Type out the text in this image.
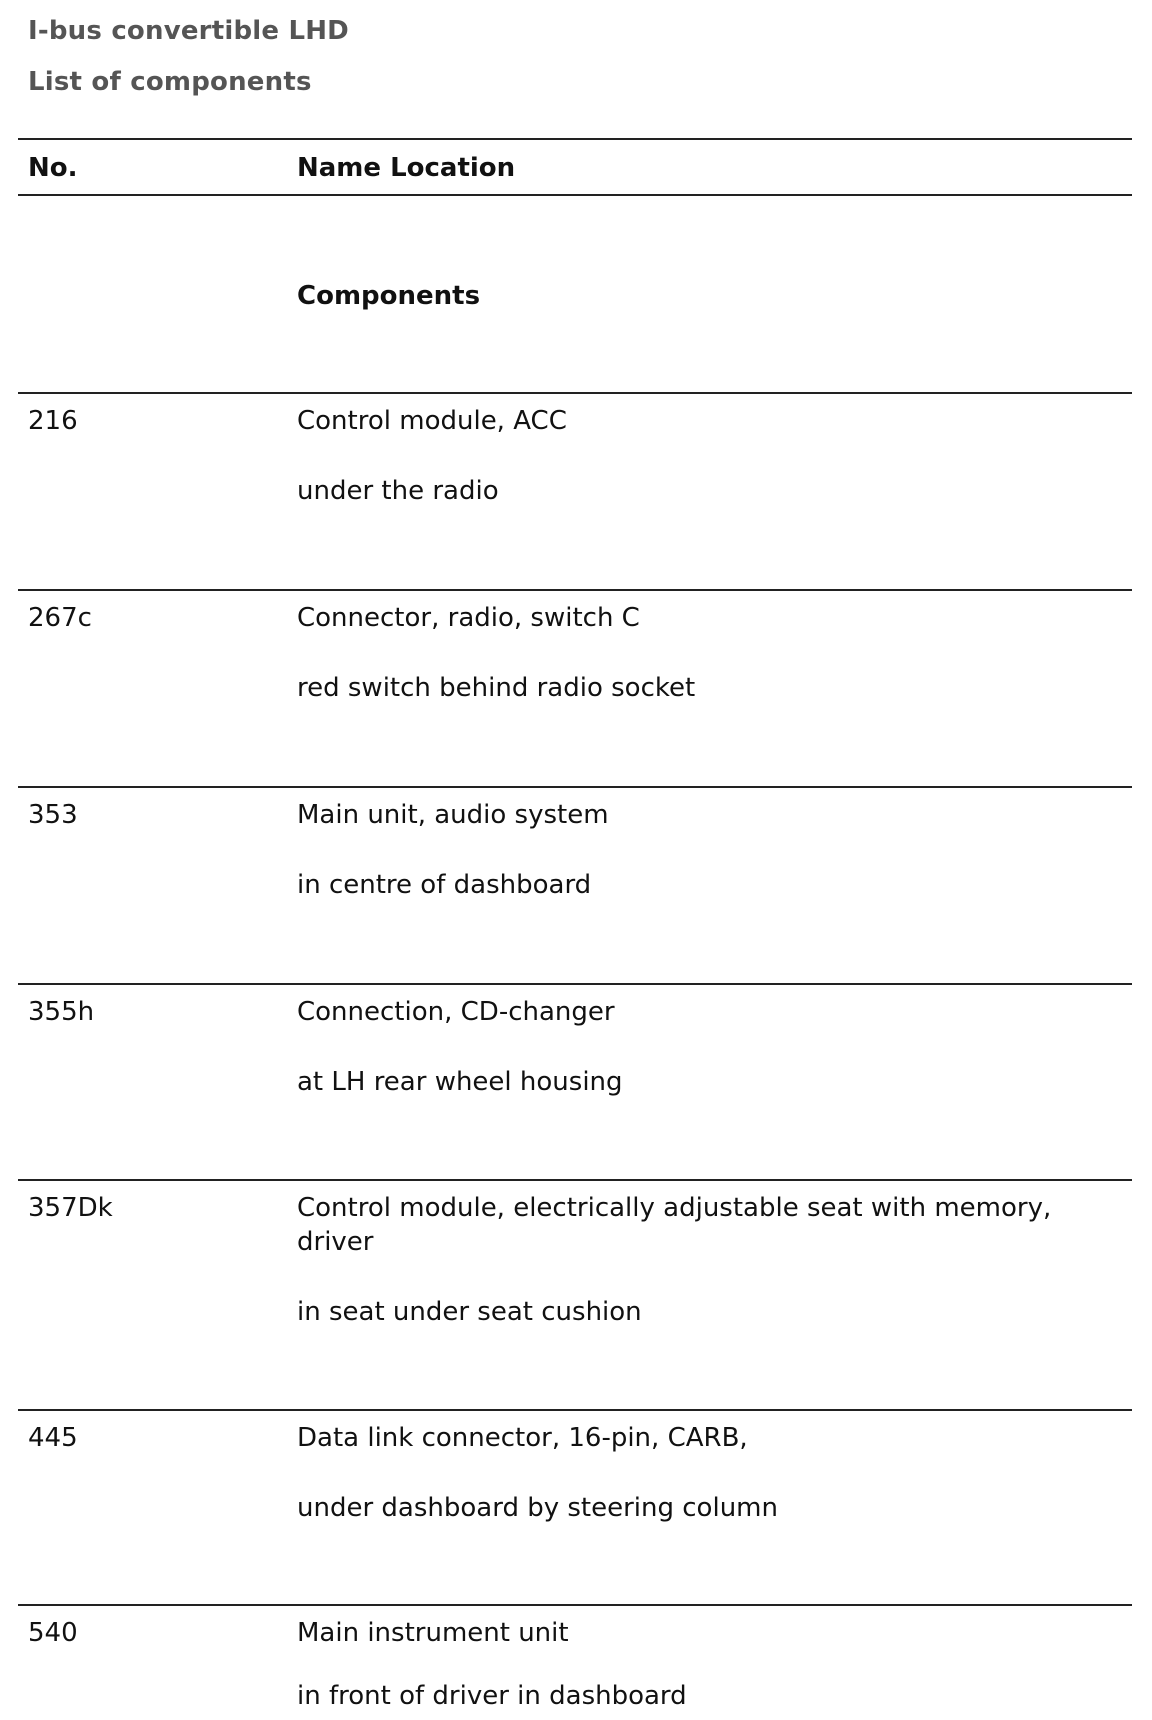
I-bus convertible LHD
List of components
No.	Name Location
Components
216	Control module, ACC
under the radio
267c	Connector, radio, switch C
red switch behind radio socket
353	Main unit, audio system
in centre of dashboard
355h	Connection, CD-changer
at LH rear wheel housing
357Dk	Control module, electrically adjustable seat with memory, driver
in seat under seat cushion
445	Data link connector, 16-pin, CARB,
under dashboard by steering column
540	Main instrument unit
in front of driver in dashboard
